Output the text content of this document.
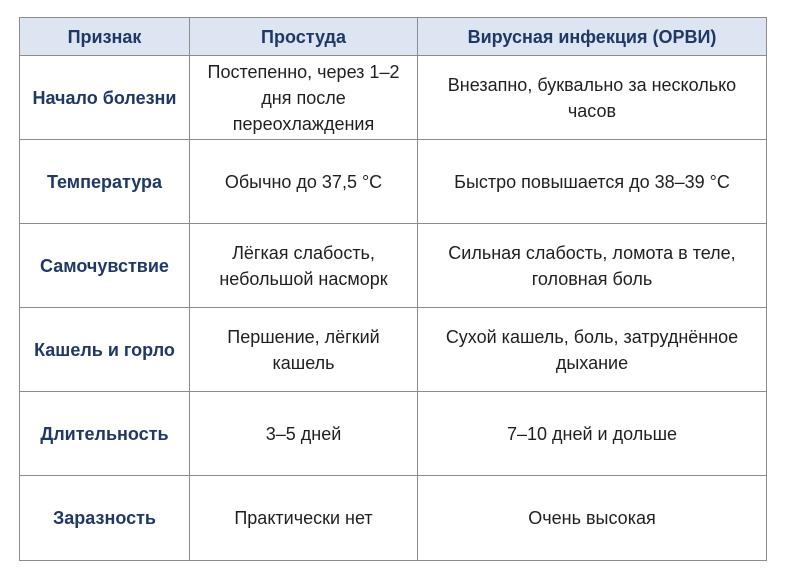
Признак	Простуда	Вирусная инфекция (ОРВИ)
Начало болезни	Постепенно, через 1–2 дня после переохлаждения	Внезапно, буквально за несколько часов
Температура	Обычно до 37,5 °C	Быстро повышается до 38–39 °C
Самочувствие	Лёгкая слабость, небольшой насморк	Сильная слабость, ломота в теле, головная боль
Кашель и горло	Першение, лёгкий кашель	Сухой кашель, боль, затруднённое дыхание
Длительность	3–5 дней	7–10 дней и дольше
Заразность	Практически нет	Очень высокая
